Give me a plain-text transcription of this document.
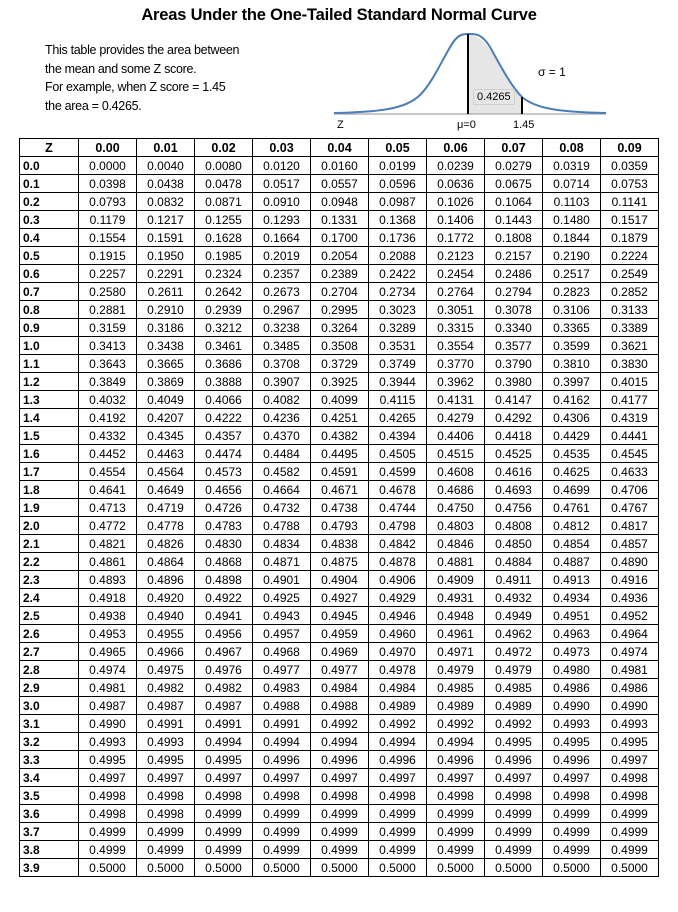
Areas Under the One-Tailed Standard Normal Curve
This table provides the area between
the mean and some Z score.
For example, when Z score = 1.45
the area = 0.4265.
0.4265
σ = 1
Z	μ=0	1.45
Z	0.00	0.01	0.02	0.03	0.04	0.05	0.06	0.07	0.08	0.09
0.0	0.0000	0.0040	0.0080	0.0120	0.0160	0.0199	0.0239	0.0279	0.0319	0.0359
0.1	0.0398	0.0438	0.0478	0.0517	0.0557	0.0596	0.0636	0.0675	0.0714	0.0753
0.2	0.0793	0.0832	0.0871	0.0910	0.0948	0.0987	0.1026	0.1064	0.1103	0.1141
0.3	0.1179	0.1217	0.1255	0.1293	0.1331	0.1368	0.1406	0.1443	0.1480	0.1517
0.4	0.1554	0.1591	0.1628	0.1664	0.1700	0.1736	0.1772	0.1808	0.1844	0.1879
0.5	0.1915	0.1950	0.1985	0.2019	0.2054	0.2088	0.2123	0.2157	0.2190	0.2224
0.6	0.2257	0.2291	0.2324	0.2357	0.2389	0.2422	0.2454	0.2486	0.2517	0.2549
0.7	0.2580	0.2611	0.2642	0.2673	0.2704	0.2734	0.2764	0.2794	0.2823	0.2852
0.8	0.2881	0.2910	0.2939	0.2967	0.2995	0.3023	0.3051	0.3078	0.3106	0.3133
0.9	0.3159	0.3186	0.3212	0.3238	0.3264	0.3289	0.3315	0.3340	0.3365	0.3389
1.0	0.3413	0.3438	0.3461	0.3485	0.3508	0.3531	0.3554	0.3577	0.3599	0.3621
1.1	0.3643	0.3665	0.3686	0.3708	0.3729	0.3749	0.3770	0.3790	0.3810	0.3830
1.2	0.3849	0.3869	0.3888	0.3907	0.3925	0.3944	0.3962	0.3980	0.3997	0.4015
1.3	0.4032	0.4049	0.4066	0.4082	0.4099	0.4115	0.4131	0.4147	0.4162	0.4177
1.4	0.4192	0.4207	0.4222	0.4236	0.4251	0.4265	0.4279	0.4292	0.4306	0.4319
1.5	0.4332	0.4345	0.4357	0.4370	0.4382	0.4394	0.4406	0.4418	0.4429	0.4441
1.6	0.4452	0.4463	0.4474	0.4484	0.4495	0.4505	0.4515	0.4525	0.4535	0.4545
1.7	0.4554	0.4564	0.4573	0.4582	0.4591	0.4599	0.4608	0.4616	0.4625	0.4633
1.8	0.4641	0.4649	0.4656	0.4664	0.4671	0.4678	0.4686	0.4693	0.4699	0.4706
1.9	0.4713	0.4719	0.4726	0.4732	0.4738	0.4744	0.4750	0.4756	0.4761	0.4767
2.0	0.4772	0.4778	0.4783	0.4788	0.4793	0.4798	0.4803	0.4808	0.4812	0.4817
2.1	0.4821	0.4826	0.4830	0.4834	0.4838	0.4842	0.4846	0.4850	0.4854	0.4857
2.2	0.4861	0.4864	0.4868	0.4871	0.4875	0.4878	0.4881	0.4884	0.4887	0.4890
2.3	0.4893	0.4896	0.4898	0.4901	0.4904	0.4906	0.4909	0.4911	0.4913	0.4916
2.4	0.4918	0.4920	0.4922	0.4925	0.4927	0.4929	0.4931	0.4932	0.4934	0.4936
2.5	0.4938	0.4940	0.4941	0.4943	0.4945	0.4946	0.4948	0.4949	0.4951	0.4952
2.6	0.4953	0.4955	0.4956	0.4957	0.4959	0.4960	0.4961	0.4962	0.4963	0.4964
2.7	0.4965	0.4966	0.4967	0.4968	0.4969	0.4970	0.4971	0.4972	0.4973	0.4974
2.8	0.4974	0.4975	0.4976	0.4977	0.4977	0.4978	0.4979	0.4979	0.4980	0.4981
2.9	0.4981	0.4982	0.4982	0.4983	0.4984	0.4984	0.4985	0.4985	0.4986	0.4986
3.0	0.4987	0.4987	0.4987	0.4988	0.4988	0.4989	0.4989	0.4989	0.4990	0.4990
3.1	0.4990	0.4991	0.4991	0.4991	0.4992	0.4992	0.4992	0.4992	0.4993	0.4993
3.2	0.4993	0.4993	0.4994	0.4994	0.4994	0.4994	0.4994	0.4995	0.4995	0.4995
3.3	0.4995	0.4995	0.4995	0.4996	0.4996	0.4996	0.4996	0.4996	0.4996	0.4997
3.4	0.4997	0.4997	0.4997	0.4997	0.4997	0.4997	0.4997	0.4997	0.4997	0.4998
3.5	0.4998	0.4998	0.4998	0.4998	0.4998	0.4998	0.4998	0.4998	0.4998	0.4998
3.6	0.4998	0.4998	0.4999	0.4999	0.4999	0.4999	0.4999	0.4999	0.4999	0.4999
3.7	0.4999	0.4999	0.4999	0.4999	0.4999	0.4999	0.4999	0.4999	0.4999	0.4999
3.8	0.4999	0.4999	0.4999	0.4999	0.4999	0.4999	0.4999	0.4999	0.4999	0.4999
3.9	0.5000	0.5000	0.5000	0.5000	0.5000	0.5000	0.5000	0.5000	0.5000	0.5000
